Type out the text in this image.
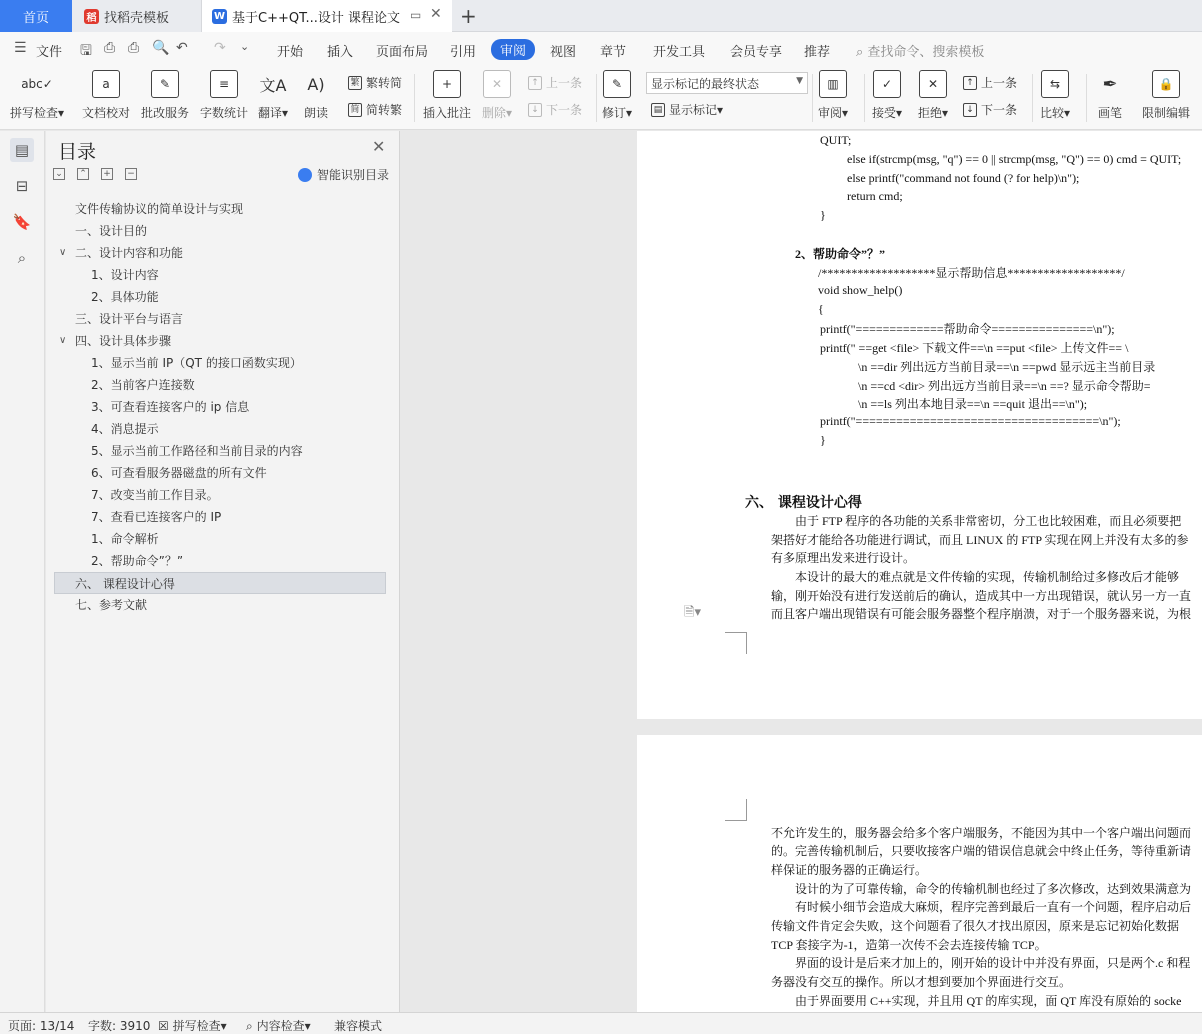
首页	稻 找稻壳模板	W 基于C++QT...设计 课程论文 ▭ ✕ +
☰ 文件 🖫 ⎙ ⎙ 🔍 ↶ ↷ ⌄ 开始 插入 页面布局 引用	审阅	视图 章节 开发工具 会员专享 推荐 ⌕ 查找命令、搜索模板
abc✓
拼写检查▾
a
文档校对
✎
批改服务
≡
字数统计
文A
翻译▾
A)
朗读
繁 繁转简
简 简转繁
+
插入批注
✕
删除▾
↑ 上一条
↓ 下一条
✎
修订▾
显示标记的最终状态	▼
▤ 显示标记 ▾
▥
审阅▾
✓
接受▾
✕
拒绝▾
↑ 上一条
↓ 下一条
⇆
比较▾
✒
画笔
🔒
限制编辑
▤
⊟
🔖
⌕
目录	✕
⌄ ⌃ + −	智能识别目录
文件传输协议的简单设计与实现
一、设计目的
∨ 二、设计内容和功能
1、设计内容
2、具体功能
三、设计平台与语言
∨ 四、设计具体步骤
1、显示当前 IP（QT 的接口函数实现）
2、当前客户连接数
3、可查看连接客户的 ip 信息
4、消息提示
5、显示当前工作路径和当前目录的内容
6、可查看服务器磁盘的所有文件
7、改变当前工作目录。
7、查看已连接客户的 IP
1、命令解析
2、帮助命令”？”
六、 课程设计心得
七、参考文献
QUIT;
else if(strcmp(msg, "q") == 0 || strcmp(msg, "Q") == 0) cmd = QUIT;
else printf("command not found (? for help)\n");
return cmd;
}
2、帮助命令”？”
/*******************显示帮助信息*******************/
void show_help()
{
printf("=============帮助命令===============\n");
printf(" ==get <file> 下载文件==\n ==put <file> 上传文件== \
\n ==dir 列出远方当前目录==\n ==pwd 显示远主当前目录
\n ==cd <dir> 列出远方当前目录==\n ==? 显示命令帮助=
\n ==ls 列出本地目录==\n ==quit 退出==\n");
printf("====================================\n");
}
六、 课程设计心得
由于 FTP 程序的各功能的关系非常密切，分工也比较困难，而且必须要把
架搭好才能给各功能进行调试，而且 LINUX 的 FTP 实现在网上并没有太多的参
有多原理出发来进行设计。
本设计的最大的难点就是文件传输的实现，传输机制给过多修改后才能够
输，刚开始没有进行发送前后的确认，造成其中一方出现错误，就认另一方一直
而且客户端出现错误有可能会服务器整个程序崩溃，对于一个服务器来说，为根
🗎▾
不允许发生的，服务器会给多个客户端服务，不能因为其中一个客户端出问题而
的。完善传输机制后，只要收接客户端的错误信息就会中终止任务，等待重新请
样保证的服务器的正确运行。
设计的为了可靠传输，命令的传输机制也经过了多次修改，达到效果满意为
有时候小细节会造成大麻烦，程序完善到最后一直有一个问题，程序启动后
传输文件肯定会失败，这个问题看了很久才找出原因，原来是忘记初始化数据
TCP 套接字为-1，造第一次传不会去连接传输 TCP。
界面的设计是后来才加上的，刚开始的设计中并没有界面，只是两个.c 和程
务器没有交互的操作。所以才想到要加个界面进行交互。
由于界面要用 C++实现，并且用 QT 的库实现，面 QT 库没有原始的 socke
页面: 13/14 字数: 3910 ☒ 拼写检查▾ ⌕ 内容检查▾ 兼容模式
